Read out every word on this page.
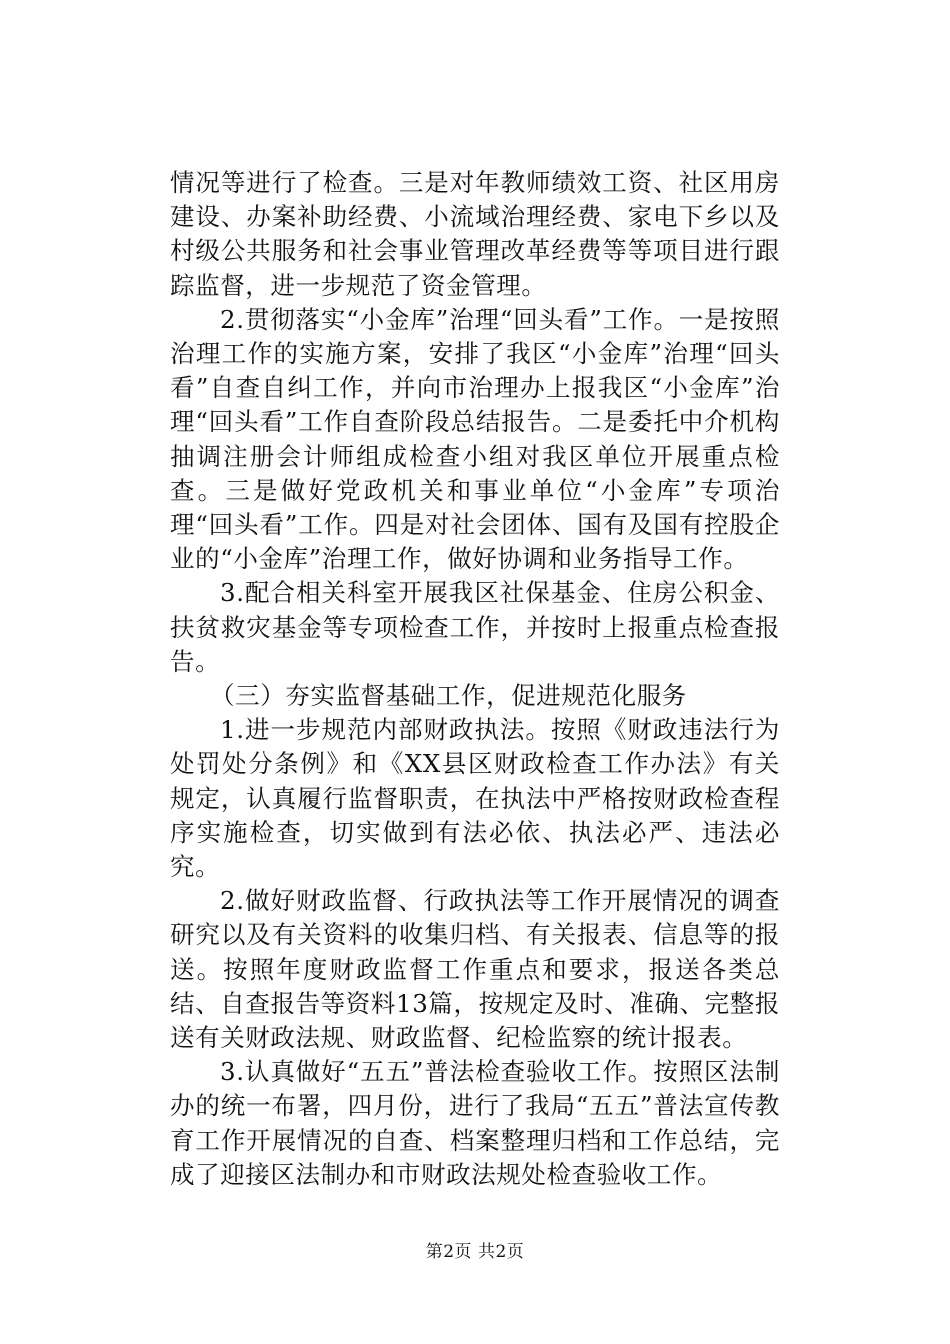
情况等进行了检查。三是对年教师绩效工资、社区用房建设、办案补助经费、小流域治理经费、家电下乡以及村级公共服务和社会事业管理改革经费等等项目进行跟踪监督，进一步规范了资金管理。

2.贯彻落实“小金库”治理“回头看”工作。一是按照治理工作的实施方案，安排了我区“小金库”治理“回头看”自查自纠工作，并向市治理办上报我区“小金库”治理“回头看”工作自查阶段总结报告。二是委托中介机构抽调注册会计师组成检查小组对我区单位开展重点检查。三是做好党政机关和事业单位“小金库”专项治理“回头看”工作。四是对社会团体、国有及国有控股企业的“小金库”治理工作，做好协调和业务指导工作。

3.配合相关科室开展我区社保基金、住房公积金、扶贫救灾基金等专项检查工作，并按时上报重点检查报告。

（三）夯实监督基础工作，促进规范化服务

1.进一步规范内部财政执法。按照《财政违法行为处罚处分条例》和《XX县区财政检查工作办法》有关规定，认真履行监督职责，在执法中严格按财政检查程序实施检查，切实做到有法必依、执法必严、违法必究。

2.做好财政监督、行政执法等工作开展情况的调查研究以及有关资料的收集归档、有关报表、信息等的报送。按照年度财政监督工作重点和要求，报送各类总结、自查报告等资料13篇，按规定及时、准确、完整报送有关财政法规、财政监督、纪检监察的统计报表。

3.认真做好“五五”普法检查验收工作。按照区法制办的统一布署，四月份，进行了我局“五五”普法宣传教育工作开展情况的自查、档案整理归档和工作总结，完成了迎接区法制办和市财政法规处检查验收工作。

第2页 共2页
